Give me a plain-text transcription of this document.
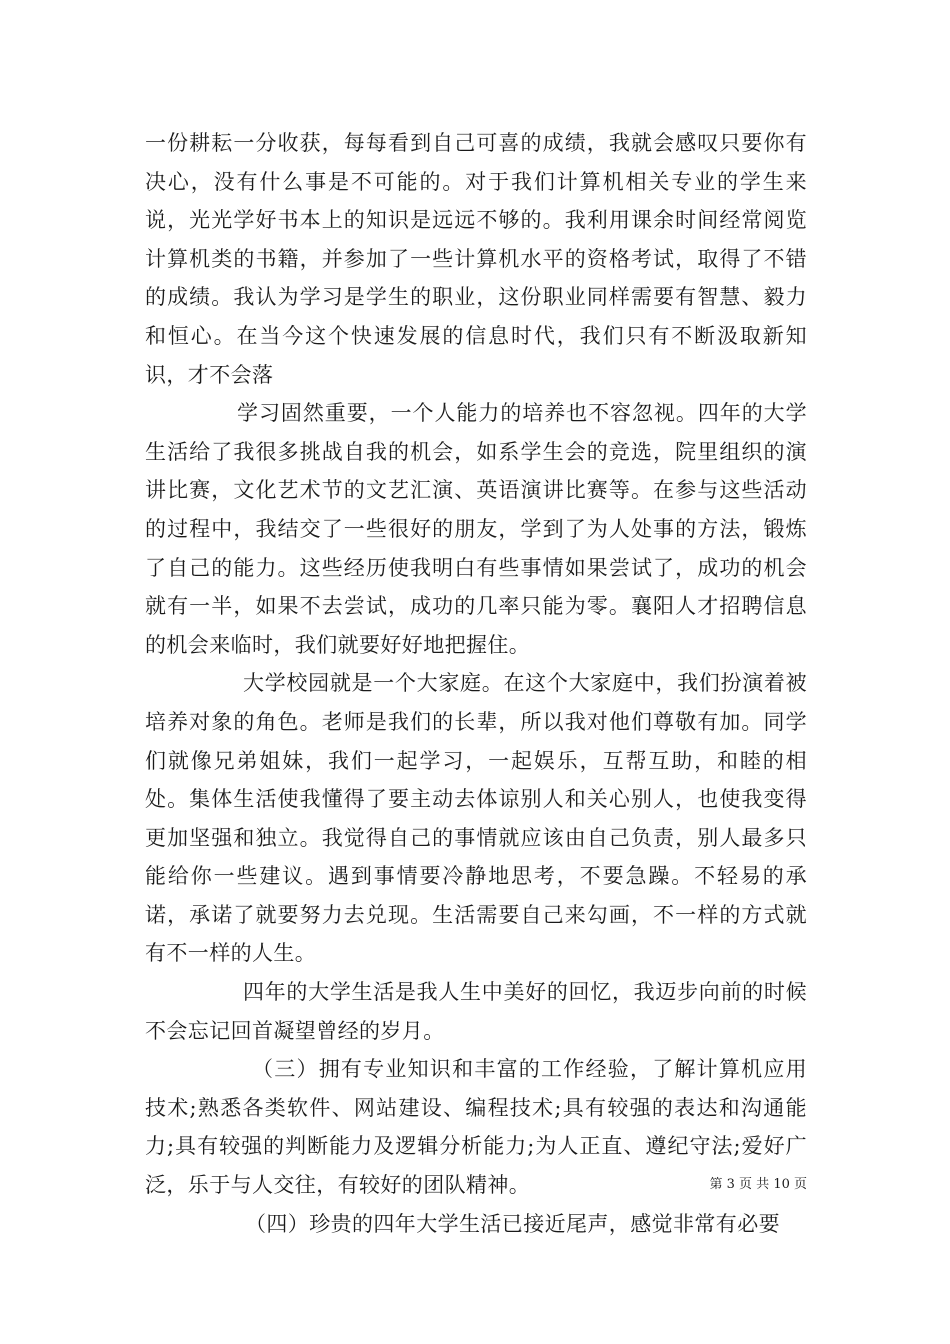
一份耕耘一分收获，每每看到自己可喜的成绩，我就会感叹只要你有决心，没有什么事是不可能的。对于我们计算机相关专业的学生来说，光光学好书本上的知识是远远不够的。我利用课余时间经常阅览计算机类的书籍，并参加了一些计算机水平的资格考试，取得了不错的成绩。我认为学习是学生的职业，这份职业同样需要有智慧、毅力和恒心。在当今这个快速发展的信息时代，我们只有不断汲取新知识，才不会落

学习固然重要，一个人能力的培养也不容忽视。四年的大学生活给了我很多挑战自我的机会，如系学生会的竞选，院里组织的演讲比赛，文化艺术节的文艺汇演、英语演讲比赛等。在参与这些活动的过程中，我结交了一些很好的朋友，学到了为人处事的方法，锻炼了自己的能力。这些经历使我明白有些事情如果尝试了，成功的机会就有一半，如果不去尝试，成功的几率只能为零。襄阳人才招聘信息的机会来临时，我们就要好好地把握住。

大学校园就是一个大家庭。在这个大家庭中，我们扮演着被培养对象的角色。老师是我们的长辈，所以我对他们尊敬有加。同学们就像兄弟姐妹，我们一起学习，一起娱乐，互帮互助，和睦的相处。集体生活使我懂得了要主动去体谅别人和关心别人，也使我变得更加坚强和独立。我觉得自己的事情就应该由自己负责，别人最多只能给你一些建议。遇到事情要冷静地思考，不要急躁。不轻易的承诺，承诺了就要努力去兑现。生活需要自己来勾画，不一样的方式就有不一样的人生。

四年的大学生活是我人生中美好的回忆，我迈步向前的时候不会忘记回首凝望曾经的岁月。

（三）拥有专业知识和丰富的工作经验，了解计算机应用技术;熟悉各类软件、网站建设、编程技术;具有较强的表达和沟通能力;具有较强的判断能力及逻辑分析能力;为人正直、遵纪守法;爱好广泛，乐于与人交往，有较好的团队精神。

（四）珍贵的四年大学生活已接近尾声，感觉非常有必要

第 3 页 共 10 页
